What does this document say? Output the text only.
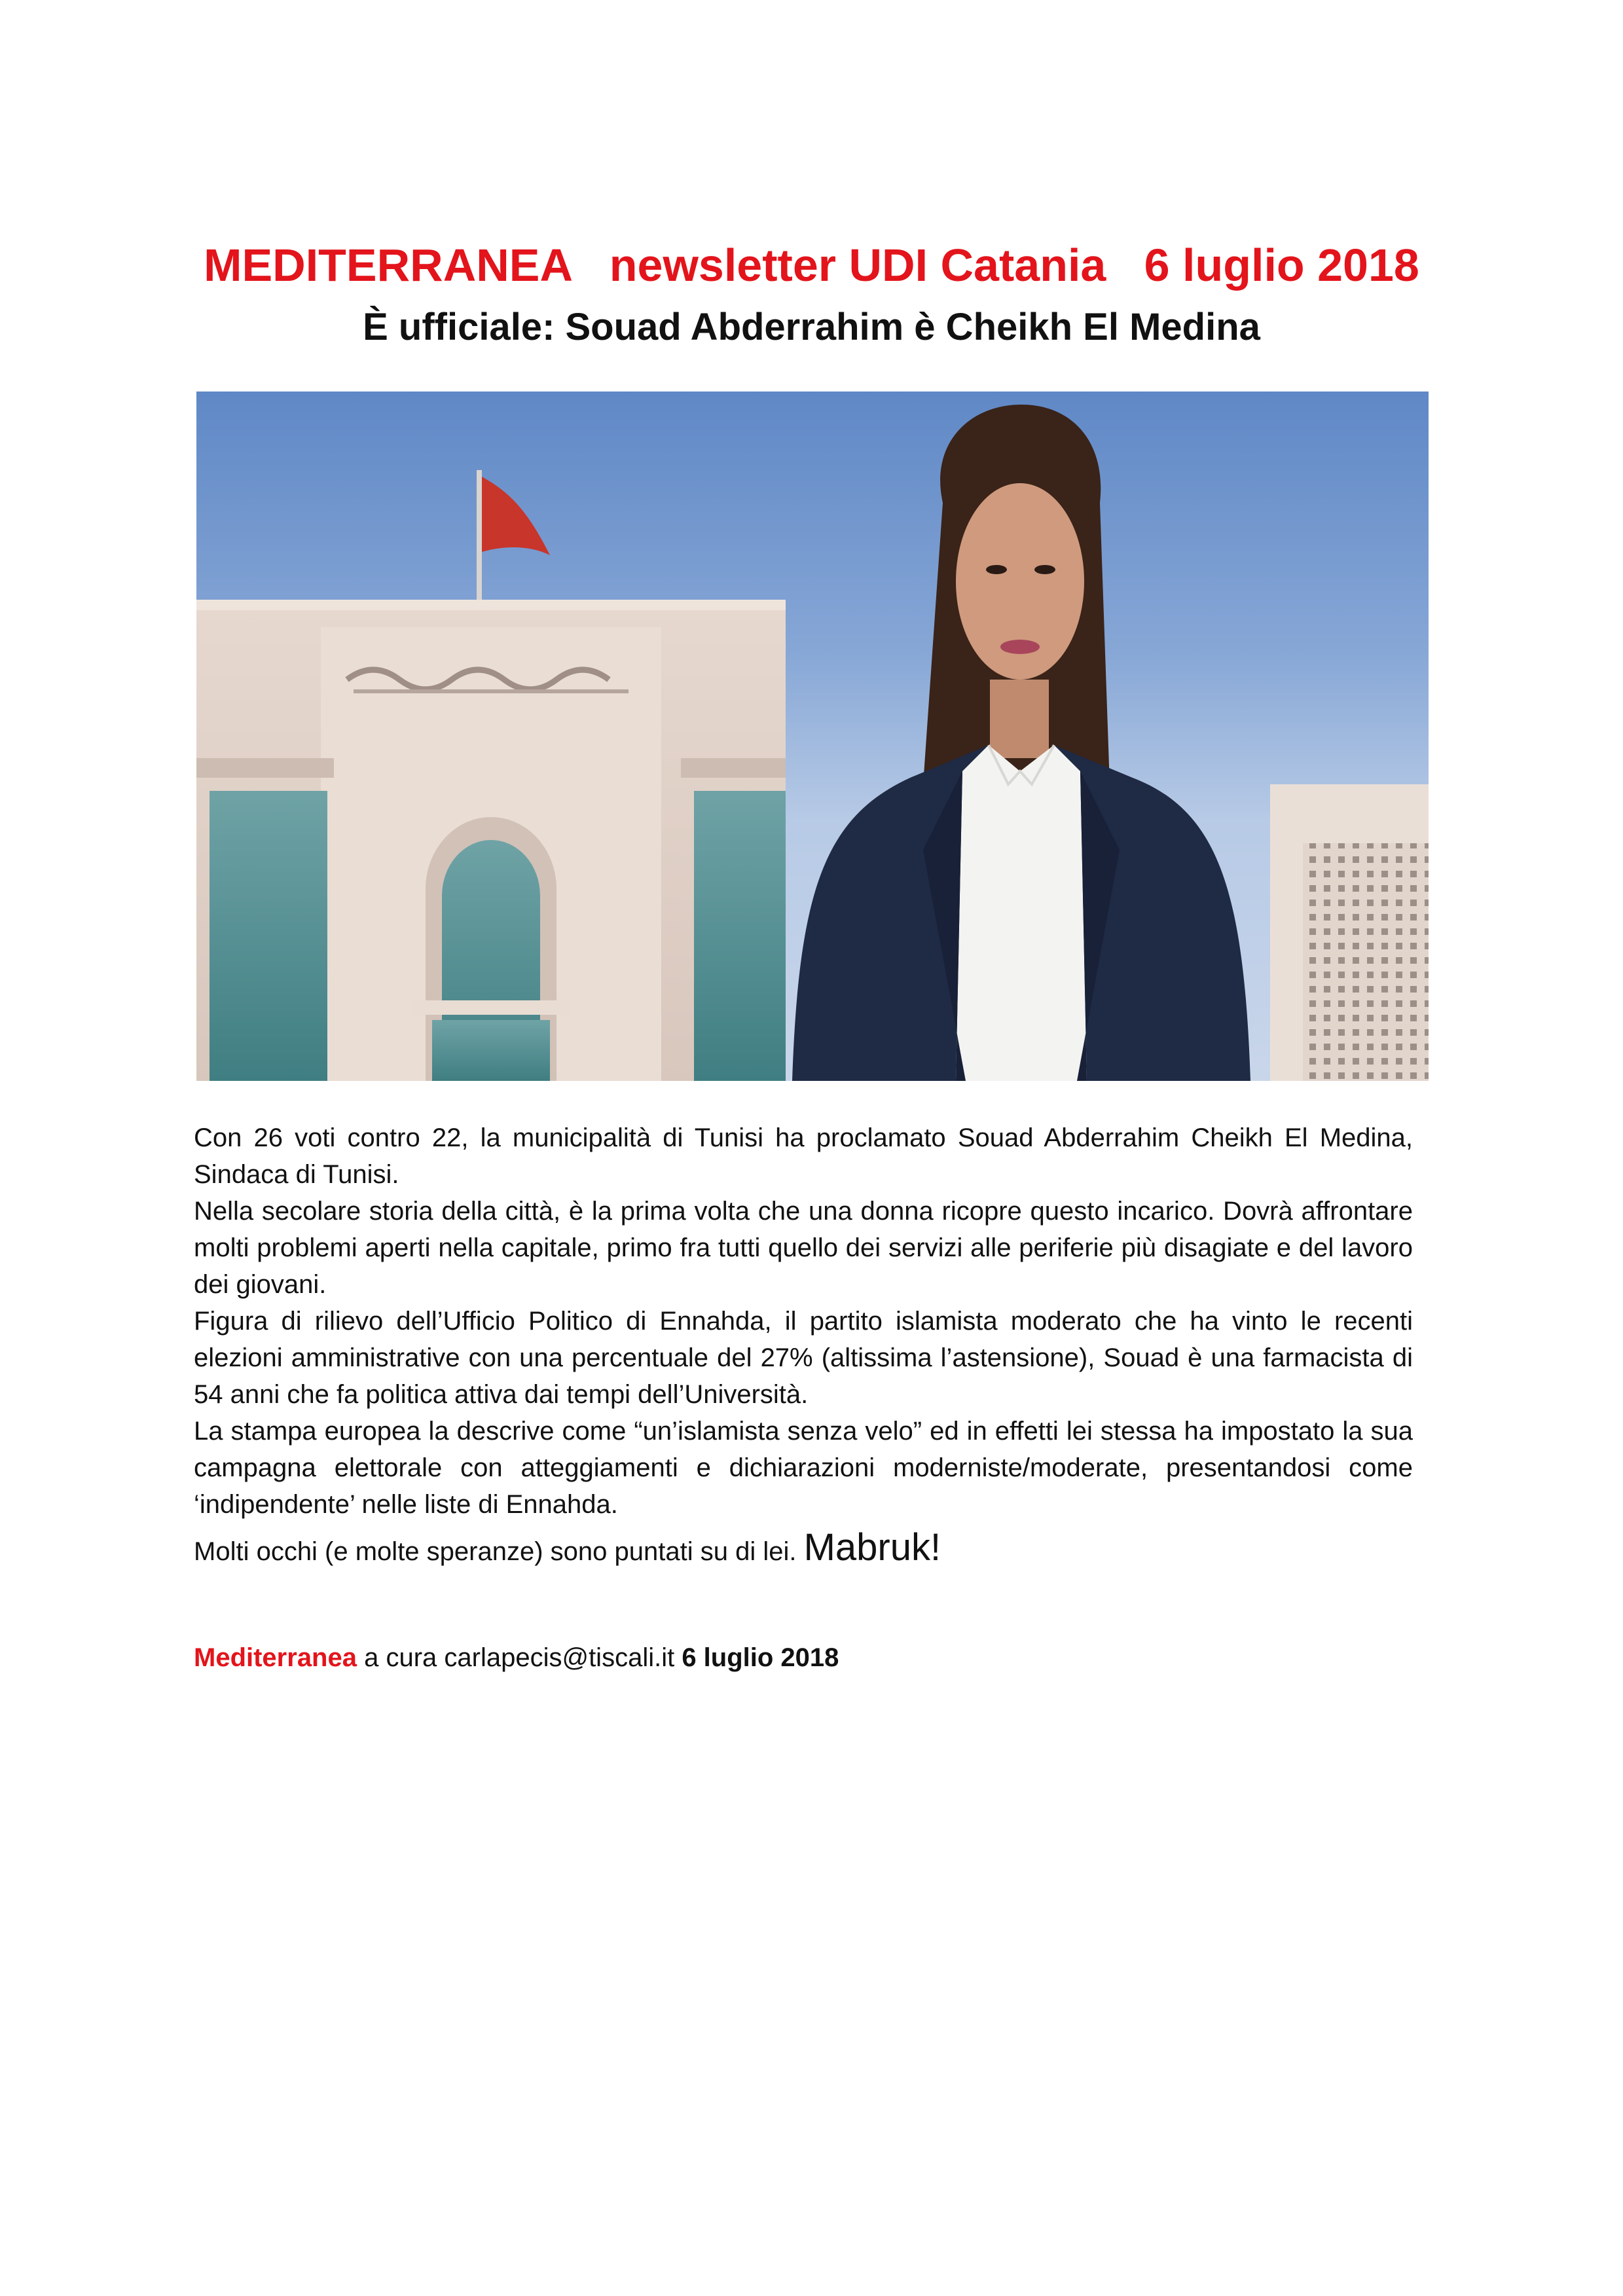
MEDITERRANEA   newsletter UDI Catania   6 luglio 2018
È ufficiale: Souad Abderrahim è Cheikh El Medina

Con 26 voti contro 22, la municipalità di Tunisi ha proclamato Souad Abderrahim Cheikh El Medina, Sindaca di Tunisi.

Nella secolare storia della città, è la prima volta che una donna ricopre questo incarico. Dovrà affrontare molti problemi aperti nella capitale, primo fra tutti quello dei servizi alle periferie più disagiate e del lavoro dei giovani.

Figura di rilievo dell’Ufficio Politico di Ennahda, il partito islamista moderato che ha vinto le recenti elezioni amministrative con una percentuale del 27% (altissima l’astensione), Souad è una farmacista di 54 anni che fa politica attiva dai tempi dell’Università.

La stampa europea la descrive come “un’islamista senza velo” ed in effetti lei stessa ha impostato la sua campagna elettorale con atteggiamenti e dichiarazioni moderniste/moderate, presentandosi come ‘indipendente’ nelle liste di Ennahda.

Molti occhi (e molte speranze) sono puntati su di lei. Mabruk!

Mediterranea a cura carlapecis@tiscali.it 6 luglio 2018
